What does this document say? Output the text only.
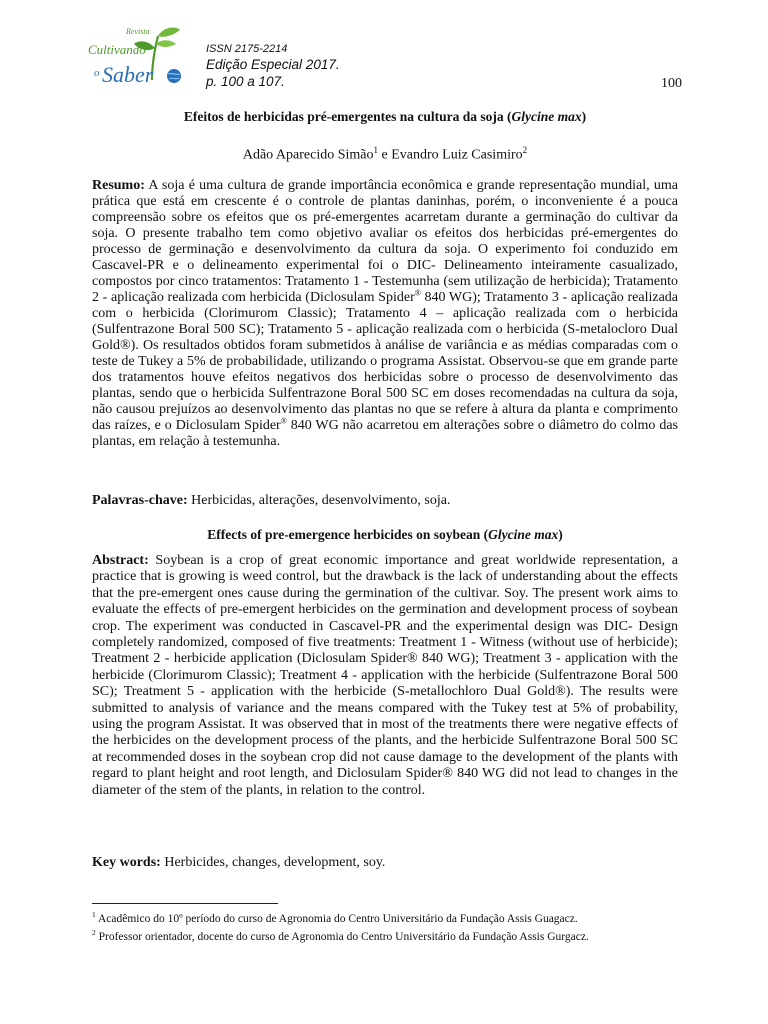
Revista
Cultivando
o Saber
ISSN 2175-2214
Edição Especial 2017.
p. 100 a 107.	100
Efeitos de herbicidas pré-emergentes na cultura da soja (Glycine max)
Adão Aparecido Simão$^1$ e Evandro Luiz Casimiro$^2$
Resumo: A soja é uma cultura de grande importância econômica e grande representação mundial, uma prática que está em crescente é o controle de plantas daninhas, porém, o inconveniente é a pouca compreensão sobre os efeitos que os pré-emergentes acarretam durante a germinação do cultivar da soja. O presente trabalho tem como objetivo avaliar os efeitos dos herbicidas pré-emergentes do processo de germinação e desenvolvimento da cultura da soja. O experimento foi conduzido em Cascavel-PR e o delineamento experimental foi o DIC- Delineamento inteiramente casualizado, compostos por cinco tratamentos: Tratamento 1 - Testemunha (sem utilização de herbicida); Tratamento 2 - aplicação realizada com herbicida (Diclosulam Spider® 840 WG); Tratamento 3 - aplicação realizada com o herbicida (Clorimurom Classic); Tratamento 4 – aplicação realizada com o herbicida (Sulfentrazone Boral 500 SC); Tratamento 5 - aplicação realizada com o herbicida (S-metalocloro Dual Gold®). Os resultados obtidos foram submetidos à análise de variância e as médias comparadas com o teste de Tukey a 5% de probabilidade, utilizando o programa Assistat. Observou-se que em grande parte dos tratamentos houve efeitos negativos dos herbicidas sobre o processo de desenvolvimento das plantas, sendo que o herbicida Sulfentrazone Boral 500 SC em doses recomendadas na cultura da soja, não causou prejuízos ao desenvolvimento das plantas no que se refere à altura da planta e comprimento das raízes, e o Diclosulam Spider® 840 WG não acarretou em alterações sobre o diâmetro do colmo das plantas, em relação à testemunha.
Palavras-chave: Herbicidas, alterações, desenvolvimento, soja.
Effects of pre-emergence herbicides on soybean (Glycine max)
Abstract: Soybean is a crop of great economic importance and great worldwide representation, a practice that is growing is weed control, but the drawback is the lack of understanding about the effects that the pre-emergent ones cause during the germination of the cultivar. Soy. The present work aims to evaluate the effects of pre-emergent herbicides on the germination and development process of soybean crop. The experiment was conducted in Cascavel-PR and the experimental design was DIC- Design completely randomized, composed of five treatments: Treatment 1 - Witness (without use of herbicide); Treatment 2 - herbicide application (Diclosulam Spider® 840 WG); Treatment 3 - application with the herbicide (Clorimurom Classic); Treatment 4 - application with the herbicide (Sulfentrazone Boral 500 SC); Treatment 5 - application with the herbicide (S-metallochloro Dual Gold®). The results were submitted to analysis of variance and the means compared with the Tukey test at 5% of probability, using the program Assistat. It was observed that in most of the treatments there were negative effects of the herbicides on the development process of the plants, and the herbicide Sulfentrazone Boral 500 SC at recommended doses in the soybean crop did not cause damage to the development of the plants with regard to plant height and root length, and Diclosulam Spider® 840 WG did not lead to changes in the diameter of the stem of the plants, in relation to the control.
Key words: Herbicides, changes, development, soy.
$^1$ Acadêmico do 10º período do curso de Agronomia do Centro Universitário da Fundação Assis Guagacz.
$^2$ Professor orientador, docente do curso de Agronomia do Centro Universitário da Fundação Assis Gurgacz.
